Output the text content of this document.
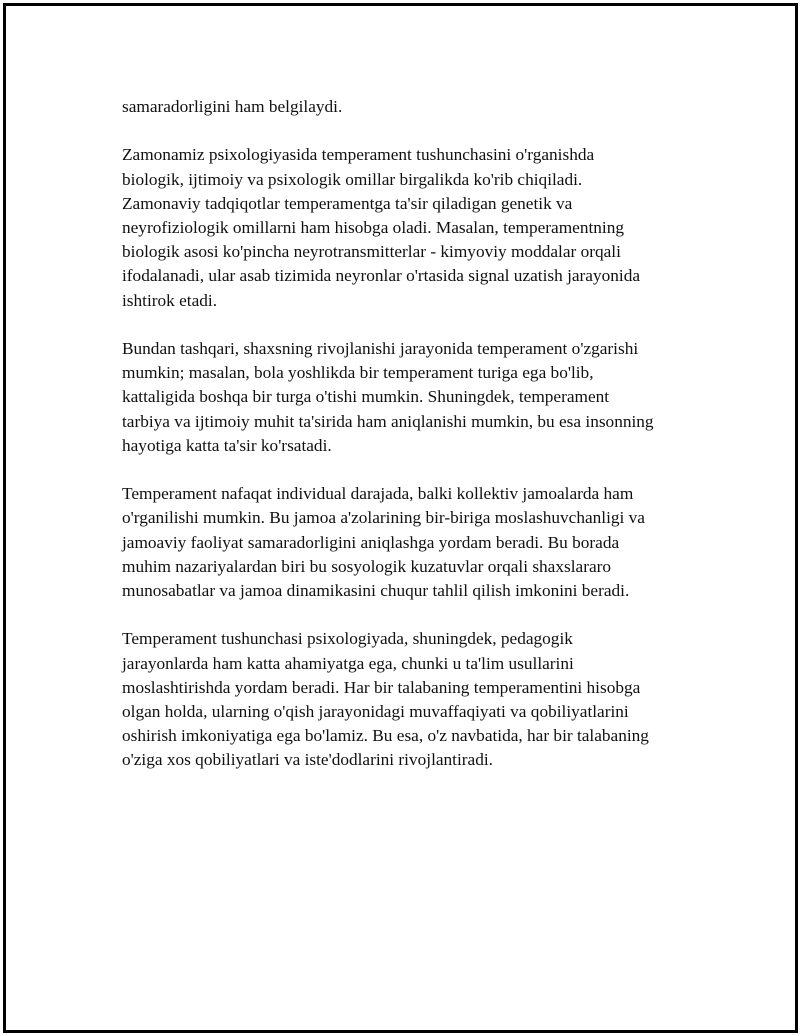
samaradorligini ham belgilaydi.

Zamonamiz psixologiyasida temperament tushunchasini o'rganishda
biologik, ijtimoiy va psixologik omillar birgalikda ko'rib chiqiladi.
Zamonaviy tadqiqotlar temperamentga ta'sir qiladigan genetik va
neyrofiziologik omillarni ham hisobga oladi. Masalan, temperamentning
biologik asosi ko'pincha neyrotransmitterlar - kimyoviy moddalar orqali
ifodalanadi, ular asab tizimida neyronlar o'rtasida signal uzatish jarayonida
ishtirok etadi.

Bundan tashqari, shaxsning rivojlanishi jarayonida temperament o'zgarishi
mumkin; masalan, bola yoshlikda bir temperament turiga ega bo'lib,
kattaligida boshqa bir turga o'tishi mumkin. Shuningdek, temperament
tarbiya va ijtimoiy muhit ta'sirida ham aniqlanishi mumkin, bu esa insonning
hayotiga katta ta'sir ko'rsatadi.

Temperament nafaqat individual darajada, balki kollektiv jamoalarda ham
o'rganilishi mumkin. Bu jamoa a'zolarining bir-biriga moslashuvchanligi va
jamoaviy faoliyat samaradorligini aniqlashga yordam beradi. Bu borada
muhim nazariyalardan biri bu sosyologik kuzatuvlar orqali shaxslararo
munosabatlar va jamoa dinamikasini chuqur tahlil qilish imkonini beradi.

Temperament tushunchasi psixologiyada, shuningdek, pedagogik
jarayonlarda ham katta ahamiyatga ega, chunki u ta'lim usullarini
moslashtirishda yordam beradi. Har bir talabaning temperamentini hisobga
olgan holda, ularning o'qish jarayonidagi muvaffaqiyati va qobiliyatlarini
oshirish imkoniyatiga ega bo'lamiz. Bu esa, o'z navbatida, har bir talabaning
o'ziga xos qobiliyatlari va iste'dodlarini rivojlantiradi.
